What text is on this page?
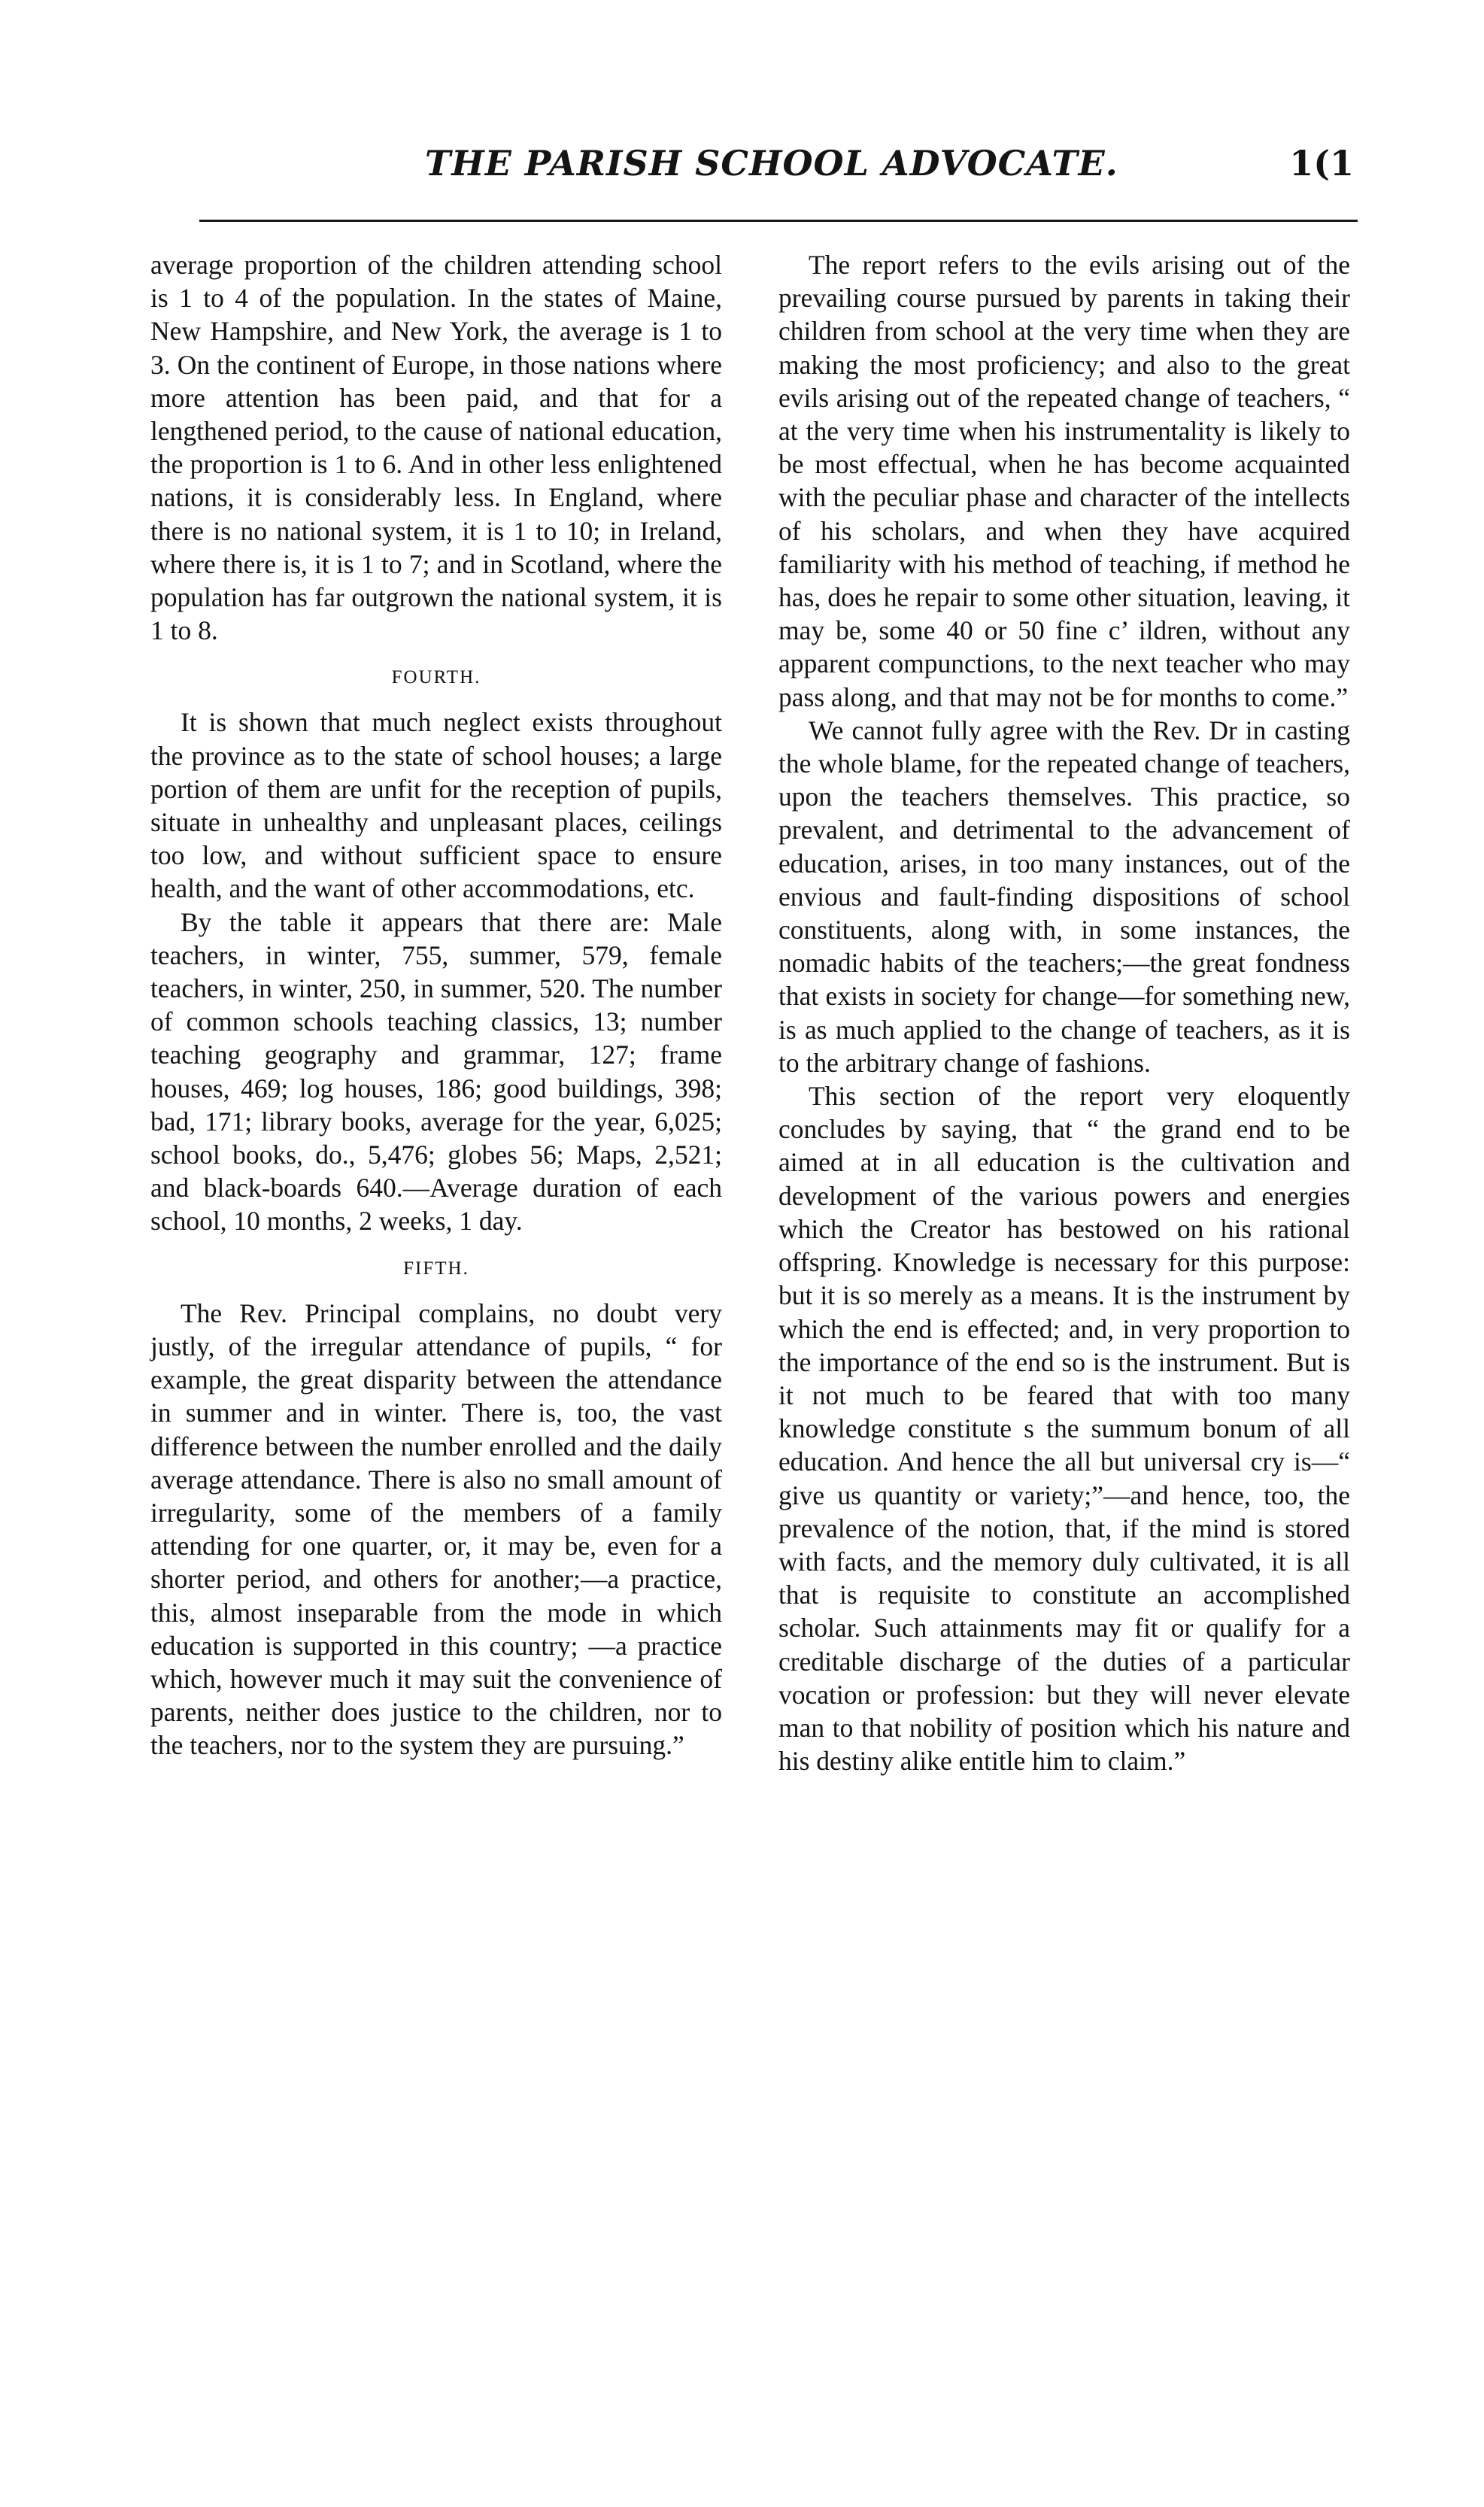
THE PARISH SCHOOL ADVOCATE.	1(1

average proportion of the children attending school is 1 to 4 of the population. In the states of Maine, New Hampshire, and New York, the average is 1 to 3. On the continent of Europe, in those nations where more attention has been paid, and that for a lengthened period, to the cause of national education, the proportion is 1 to 6. And in other less enlightened nations, it is considerably less. In England, where there is no national system, it is 1 to 10; in Ireland, where there is, it is 1 to 7; and in Scotland, where the population has far outgrown the national system, it is 1 to 8.

FOURTH.

It is shown that much neglect exists throughout the province as to the state of school houses; a large portion of them are unfit for the reception of pupils, situate in unhealthy and unpleasant places, ceilings too low, and without sufficient space to ensure health, and the want of other accommodations, etc.

By the table it appears that there are: Male teachers, in winter, 755, summer, 579, female teachers, in winter, 250, in summer, 520. The number of common schools teaching classics, 13; number teaching geography and grammar, 127; frame houses, 469; log houses, 186; good buildings, 398; bad, 171; library books, average for the year, 6,025; school books, do., 5,476; globes 56; Maps, 2,521; and black-boards 640.—Average duration of each school, 10 months, 2 weeks, 1 day.

FIFTH.

The Rev. Principal complains, no doubt very justly, of the irregular attendance of pupils, “ for example, the great disparity between the attendance in summer and in winter. There is, too, the vast difference between the number enrolled and the daily average attendance. There is also no small amount of irregularity, some of the members of a family attending for one quarter, or, it may be, even for a shorter period, and others for another;—a practice, this, almost inseparable from the mode in which education is supported in this country; —a practice which, however much it may suit the convenience of parents, neither does justice to the children, nor to the teachers, nor to the system they are pursuing.”

The report refers to the evils arising out of the prevailing course pursued by parents in taking their children from school at the very time when they are making the most proficiency; and also to the great evils arising out of the repeated change of teachers, “ at the very time when his instrumentality is likely to be most effectual, when he has become acquainted with the peculiar phase and character of the intellects of his scholars, and when they have acquired familiarity with his method of teaching, if method he has, does he repair to some other situation, leaving, it may be, some 40 or 50 fine c’ ildren, without any apparent compunctions, to the next teacher who may pass along, and that may not be for months to come.”

We cannot fully agree with the Rev. Dr in casting the whole blame, for the repeated change of teachers, upon the teachers themselves. This practice, so prevalent, and detrimental to the advancement of education, arises, in too many instances, out of the envious and fault-finding dispositions of school constituents, along with, in some instances, the nomadic habits of the teachers;—the great fondness that exists in society for change—for something new, is as much applied to the change of teachers, as it is to the arbitrary change of fashions.

This section of the report very eloquently concludes by saying, that “ the grand end to be aimed at in all education is the cultivation and development of the various powers and energies which the Creator has bestowed on his rational offspring. Knowledge is necessary for this purpose: but it is so merely as a means. It is the instrument by which the end is effected; and, in very proportion to the importance of the end so is the instrument. But is it not much to be feared that with too many knowledge constitute s the summum bonum of all education. And hence the all but universal cry is—“ give us quantity or variety;”—and hence, too, the prevalence of the notion, that, if the mind is stored with facts, and the memory duly cultivated, it is all that is requisite to constitute an accomplished scholar. Such attainments may fit or qualify for a creditable discharge of the duties of a particular vocation or profession: but they will never elevate man to that nobility of position which his nature and his destiny alike entitle him to claim.”
